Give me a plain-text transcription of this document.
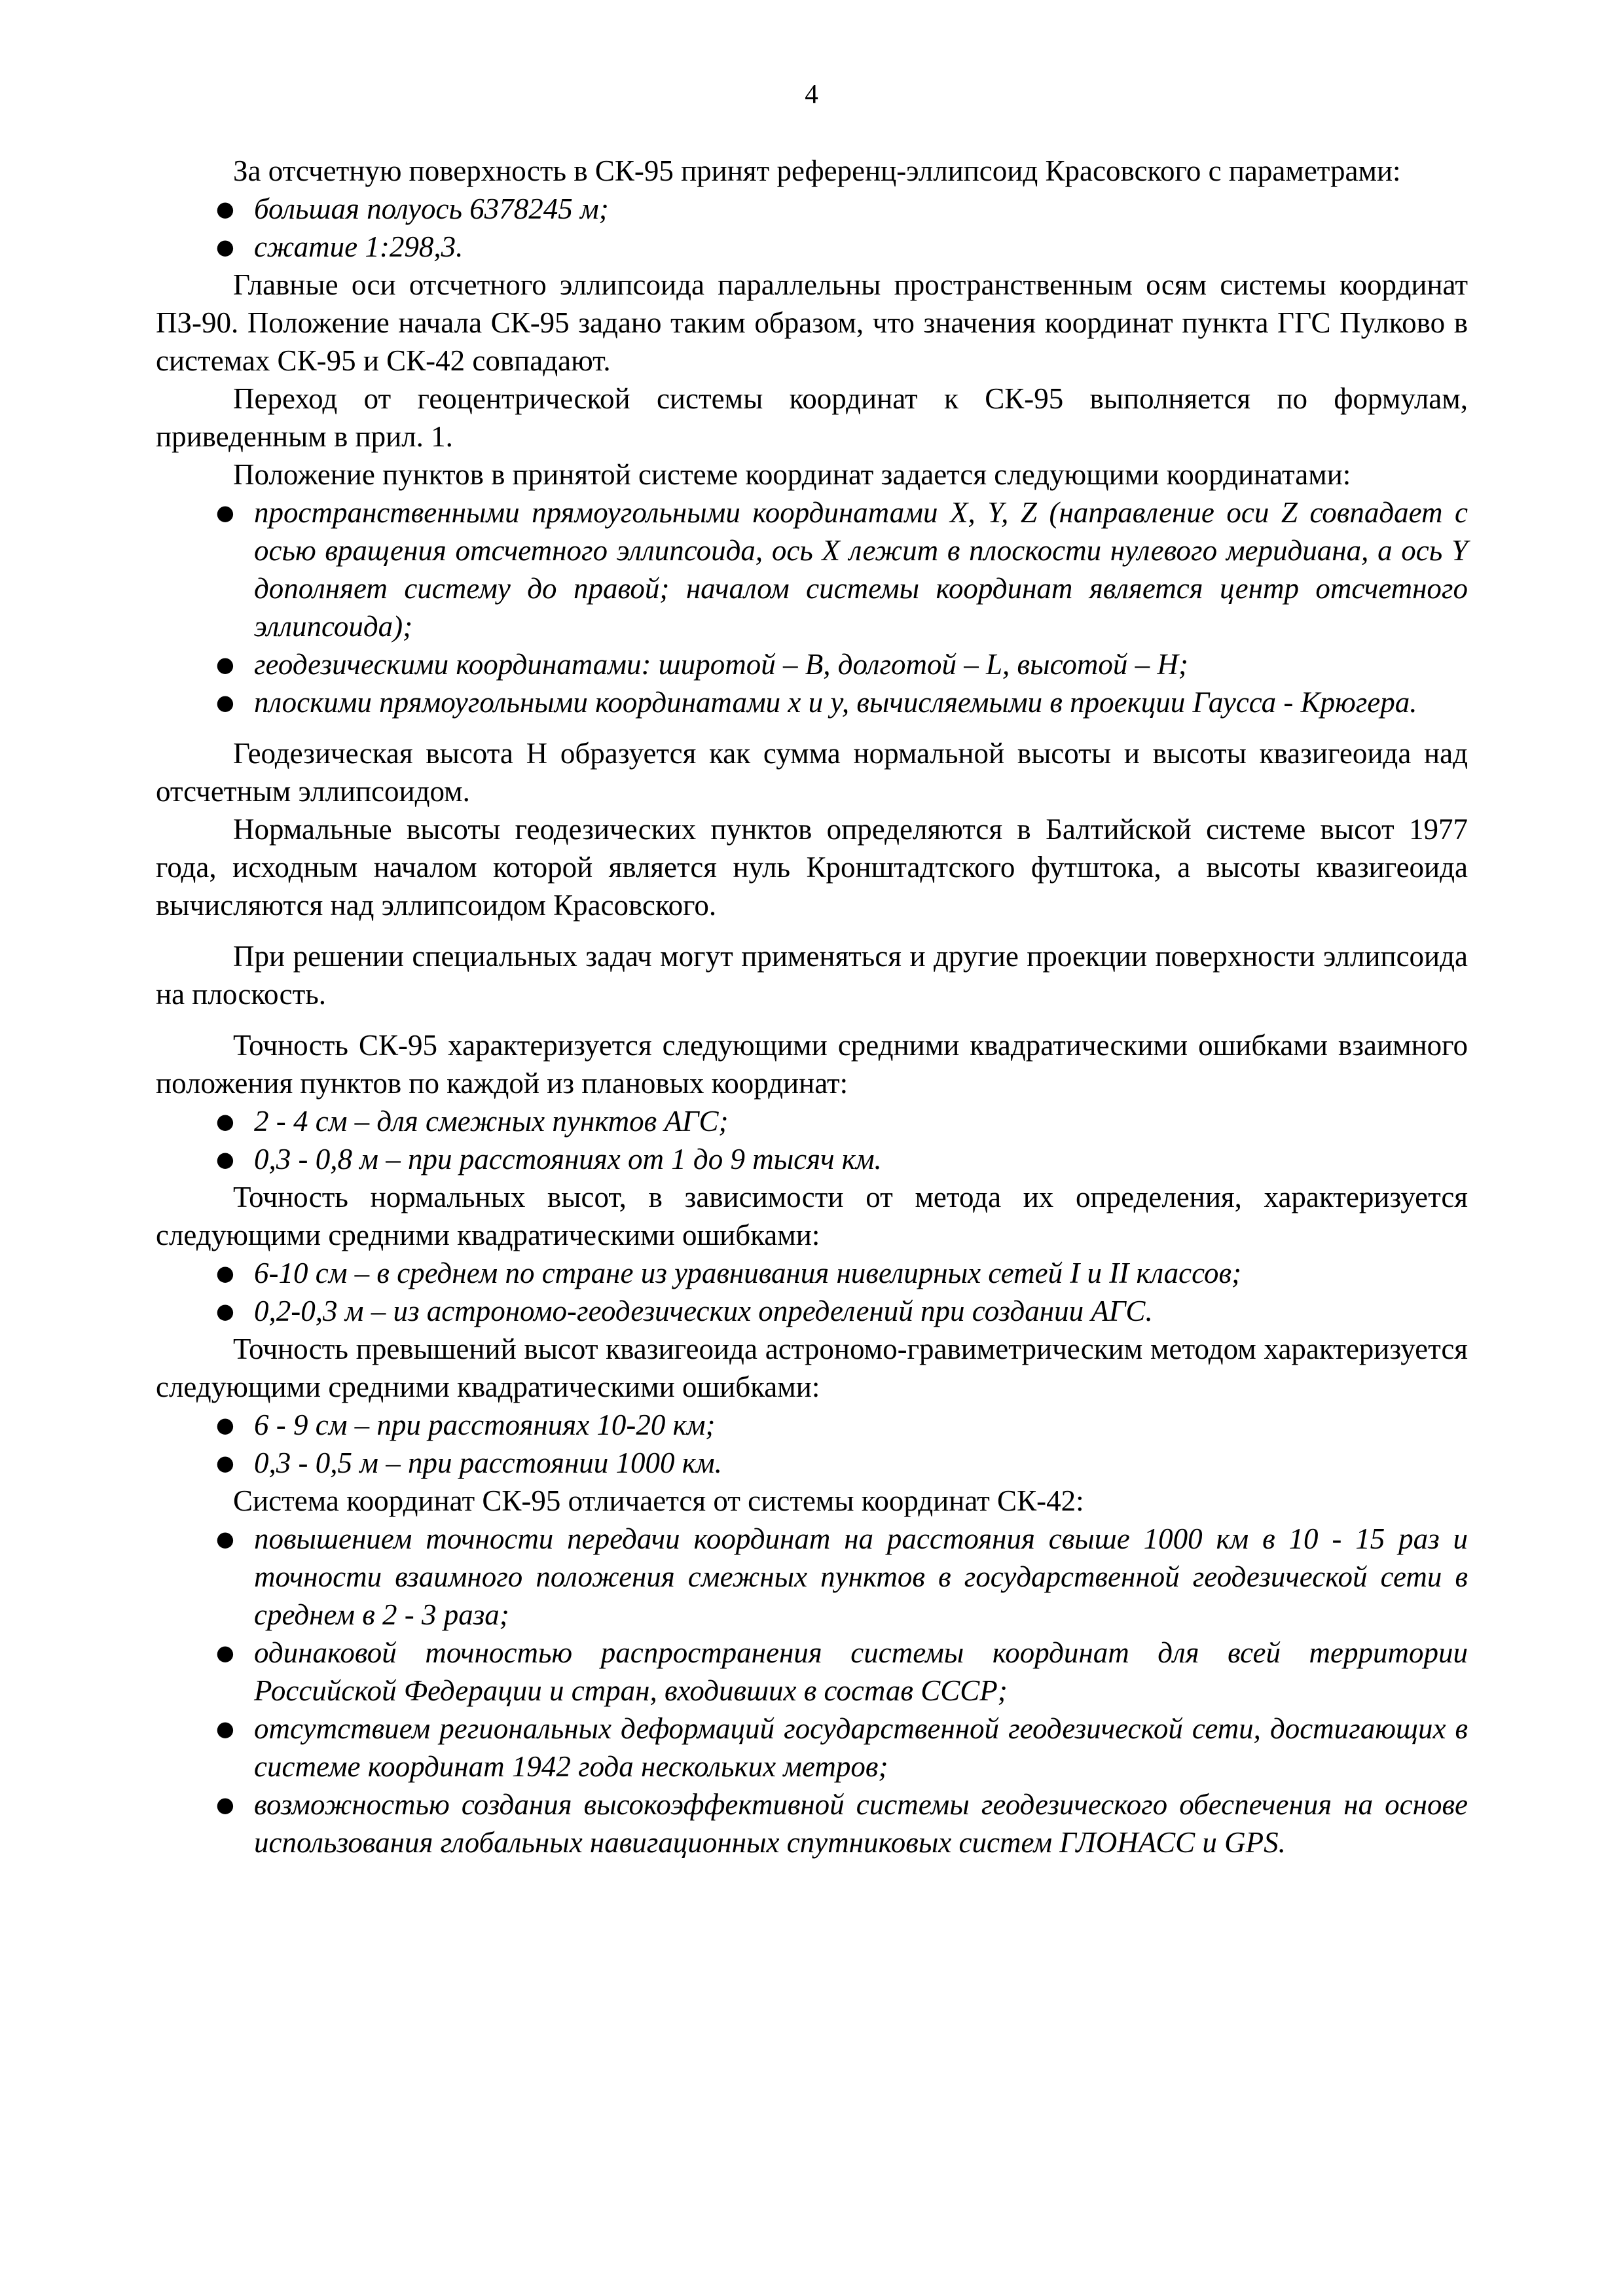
4

За отсчетную поверхность в СК-95 принят референц-эллипсоид Красовского с параметрами:

● большая полуось 6378245 м;
● сжатие 1:298,3.

Главные оси отсчетного эллипсоида параллельны пространственным осям системы координат ПЗ-90. Положение начала СК-95 задано таким образом, что значения координат пункта ГГС Пулково в системах СК-95 и СК-42 совпадают.

Переход от геоцентрической системы координат к СК-95 выполняется по формулам, приведенным в прил. 1.

Положение пунктов в принятой системе координат задается следующими координатами:

● пространственными прямоугольными координатами X, Y, Z (направление оси Z совпадает с осью вращения отсчетного эллипсоида, ось X лежит в плоскости нулевого меридиана, а ось Y дополняет систему до правой; началом системы координат является центр отсчетного эллипсоида);
● геодезическими координатами: широтой – B, долготой – L, высотой – H;
● плоскими прямоугольными координатами x и y, вычисляемыми в проекции Гаусса - Крюгера.

Геодезическая высота H образуется как сумма нормальной высоты и высоты квазигеоида над отсчетным эллипсоидом.

Нормальные высоты геодезических пунктов определяются в Балтийской системе высот 1977 года, исходным началом которой является нуль Кронштадтского футштока, а высоты квазигеоида вычисляются над эллипсоидом Красовского.

При решении специальных задач могут применяться и другие проекции поверхности эллипсоида на плоскость.

Точность СК-95 характеризуется следующими средними квадратическими ошибками взаимного положения пунктов по каждой из плановых координат:

● 2 - 4 см – для смежных пунктов АГС;
● 0,3 - 0,8 м – при расстояниях от 1 до 9 тысяч км.

Точность нормальных высот, в зависимости от метода их определения, характеризуется следующими средними квадратическими ошибками:

● 6-10 см – в среднем по стране из уравнивания нивелирных сетей I и II классов;
● 0,2-0,3 м – из астрономо-геодезических определений при создании АГС.

Точность превышений высот квазигеоида астрономо-гравиметрическим методом характеризуется следующими средними квадратическими ошибками:

● 6 - 9 см – при расстояниях 10-20 км;
● 0,3 - 0,5 м – при расстоянии 1000 км.

Система координат СК-95 отличается от системы координат СК-42:

● повышением точности передачи координат на расстояния свыше 1000 км в 10 - 15 раз и точности взаимного положения смежных пунктов в государственной геодезической сети в среднем в 2 - 3 раза;
● одинаковой точностью распространения системы координат для всей территории Российской Федерации и стран, входивших в состав СССР;
● отсутствием региональных деформаций государственной геодезической сети, достигающих в системе координат 1942 года нескольких метров;
● возможностью создания высокоэффективной системы геодезического обеспечения на основе использования глобальных навигационных спутниковых систем ГЛОНАСС и GPS.
